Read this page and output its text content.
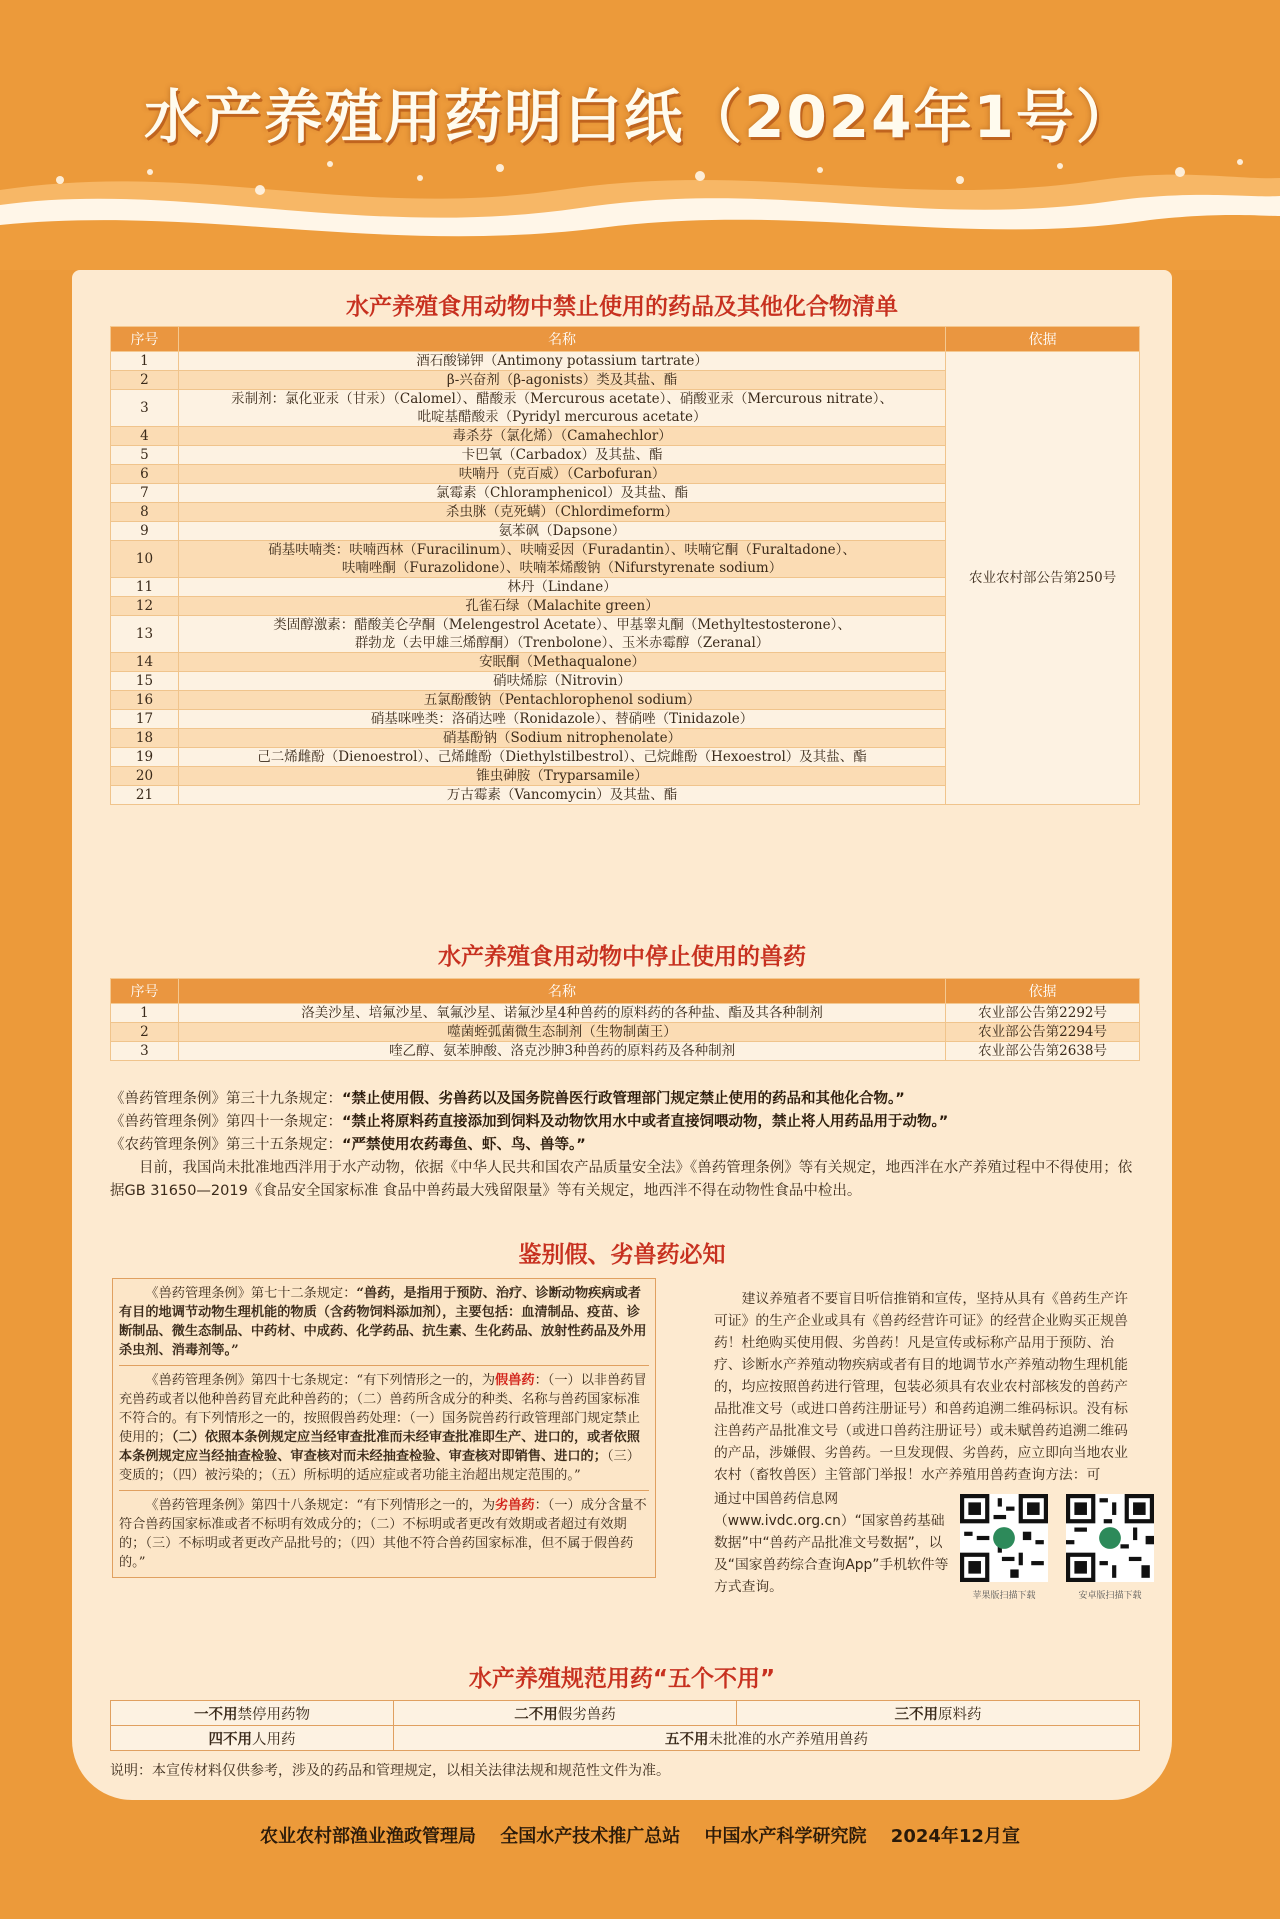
水产养殖用药明白纸（2024年1号）
水产养殖食用动物中禁止使用的药品及其他化合物清单
序号	名称	依据
1	酒石酸锑钾（Antimony potassium tartrate）	农业农村部公告第250号
2	β-兴奋剂（β-agonists）类及其盐、酯	

3	汞制剂：氯化亚汞（甘汞）（Calomel）、醋酸汞（Mercurous acetate）、硝酸亚汞（Mercurous nitrate）、
吡啶基醋酸汞（Pyridyl mercurous acetate）	

4	毒杀芬（氯化烯）（Camahechlor）	

5	卡巴氧（Carbadox）及其盐、酯	

6	呋喃丹（克百威）（Carbofuran）	

7	氯霉素（Chloramphenicol）及其盐、酯	

8	杀虫脒（克死螨）（Chlordimeform）	

9	氨苯砜（Dapsone）	

10	硝基呋喃类：呋喃西林（Furacilinum）、呋喃妥因（Furadantin）、呋喃它酮（Furaltadone）、
呋喃唑酮（Furazolidone）、呋喃苯烯酸钠（Nifurstyrenate sodium）	

11	林丹（Lindane）	

12	孔雀石绿（Malachite green）	

13	类固醇激素：醋酸美仑孕酮（Melengestrol Acetate）、甲基睾丸酮（Methyltestosterone）、
群勃龙（去甲雄三烯醇酮）（Trenbolone）、玉米赤霉醇（Zeranal）	

14	安眠酮（Methaqualone）	

15	硝呋烯腙（Nitrovin）	

16	五氯酚酸钠（Pentachlorophenol sodium）	

17	硝基咪唑类：洛硝达唑（Ronidazole）、替硝唑（Tinidazole）	

18	硝基酚钠（Sodium nitrophenolate）	

19	己二烯雌酚（Dienoestrol）、己烯雌酚（Diethylstilbestrol）、己烷雌酚（Hexoestrol）及其盐、酯	

20	锥虫砷胺（Tryparsamile）	

21	万古霉素（Vancomycin）及其盐、酯	
水产养殖食用动物中停止使用的兽药
序号	名称	依据
1	洛美沙星、培氟沙星、氧氟沙星、诺氟沙星4种兽药的原料药的各种盐、酯及其各种制剂	农业部公告第2292号
2	噬菌蛭弧菌微生态制剂（生物制菌王）	农业部公告第2294号
3	喹乙醇、氨苯胂酸、洛克沙胂3种兽药的原料药及各种制剂	农业部公告第2638号
《兽药管理条例》第三十九条规定：“禁止使用假、劣兽药以及国务院兽医行政管理部门规定禁止使用的药品和其他化合物。”
《兽药管理条例》第四十一条规定：“禁止将原料药直接添加到饲料及动物饮用水中或者直接饲喂动物，禁止将人用药品用于动物。”
《农药管理条例》第三十五条规定：“严禁使用农药毒鱼、虾、鸟、兽等。”
目前，我国尚未批准地西泮用于水产动物，依据《中华人民共和国农产品质量安全法》《兽药管理条例》等有关规定，地西泮在水产养殖过程中不得使用；依据GB 31650—2019《食品安全国家标准 食品中兽药最大残留限量》等有关规定，地西泮不得在动物性食品中检出。
鉴别假、劣兽药必知

《兽药管理条例》第七十二条规定：“兽药，是指用于预防、治疗、诊断动物疾病或者有目的地调节动物生理机能的物质（含药物饲料添加剂），主要包括：血清制品、疫苗、诊断制品、微生态制品、中药材、中成药、化学药品、抗生素、生化药品、放射性药品及外用杀虫剂、消毒剂等。”

《兽药管理条例》第四十七条规定：“有下列情形之一的，为假兽药：（一）以非兽药冒充兽药或者以他种兽药冒充此种兽药的；（二）兽药所含成分的种类、名称与兽药国家标准不符合的。有下列情形之一的，按照假兽药处理：（一）国务院兽药行政管理部门规定禁止使用的；（二）依照本条例规定应当经审查批准而未经审查批准即生产、进口的，或者依照本条例规定应当经抽查检验、审查核对而未经抽查检验、审查核对即销售、进口的；（三）变质的；（四）被污染的；（五）所标明的适应症或者功能主治超出规定范围的。”

《兽药管理条例》第四十八条规定：“有下列情形之一的，为劣兽药：（一）成分含量不符合兽药国家标准或者不标明有效成分的；（二）不标明或者更改有效期或者超过有效期的；（三）不标明或者更改产品批号的；（四）其他不符合兽药国家标准，但不属于假兽药的。”

建议养殖者不要盲目听信推销和宣传，坚持从具有《兽药生产许可证》的生产企业或具有《兽药经营许可证》的经营企业购买正规兽药！杜绝购买使用假、劣兽药！凡是宣传或标称产品用于预防、治疗、诊断水产养殖动物疾病或者有目的地调节水产养殖动物生理机能的，均应按照兽药进行管理，包装必须具有农业农村部核发的兽药产品批准文号（或进口兽药注册证号）和兽药追溯二维码标识。没有标注兽药产品批准文号（或进口兽药注册证号）或未赋兽药追溯二维码的产品，涉嫌假、劣兽药。一旦发现假、劣兽药，应立即向当地农业农村（畜牧兽医）主管部门举报！水产养殖用兽药查询方法：可
通过中国兽药信息网（www.ivdc.org.cn）“国家兽药基础数据”中“兽药产品批准文号数据”，以及“国家兽药综合查询App”手机软件等方式查询。
苹果版扫描下载	安卓版扫描下载
水产养殖规范用药“五个不用”
一不用禁停用药物	二不用假劣兽药	三不用原料药
四不用人用药	五不用未批准的水产养殖用兽药	
说明：本宣传材料仅供参考，涉及的药品和管理规定，以相关法律法规和规范性文件为准。
农业农村部渔业渔政管理局 全国水产技术推广总站 中国水产科学研究院 2024年12月宣
